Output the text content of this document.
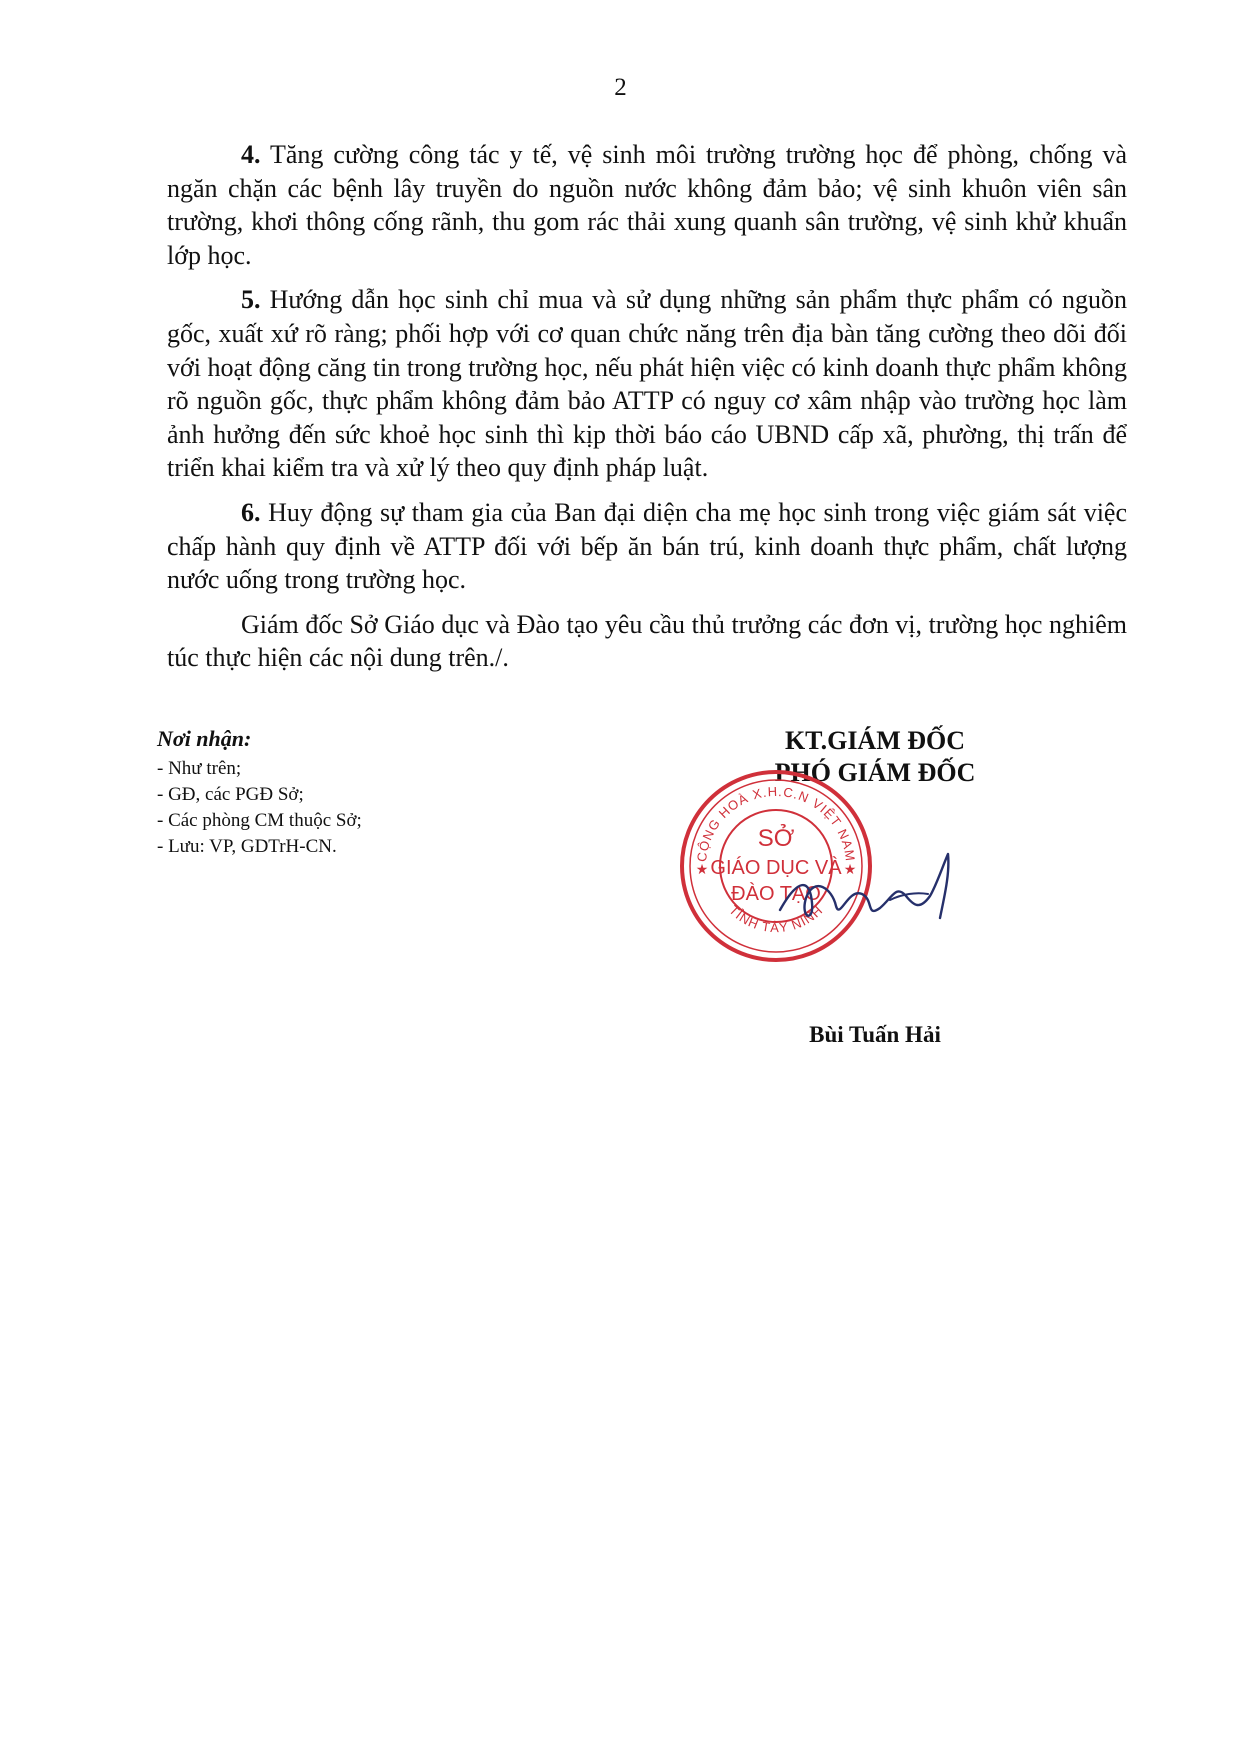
2

4. Tăng cường công tác y tế, vệ sinh môi trường trường học để phòng, chống và ngăn chặn các bệnh lây truyền do nguồn nước không đảm bảo; vệ sinh khuôn viên sân trường, khơi thông cống rãnh, thu gom rác thải xung quanh sân trường, vệ sinh khử khuẩn lớp học.

5. Hướng dẫn học sinh chỉ mua và sử dụng những sản phẩm thực phẩm có nguồn gốc, xuất xứ rõ ràng; phối hợp với cơ quan chức năng trên địa bàn tăng cường theo dõi đối với hoạt động căng tin trong trường học, nếu phát hiện việc có kinh doanh thực phẩm không rõ nguồn gốc, thực phẩm không đảm bảo ATTP có nguy cơ xâm nhập vào trường học làm ảnh hưởng đến sức khoẻ học sinh thì kịp thời báo cáo UBND cấp xã, phường, thị trấn để triển khai kiểm tra và xử lý theo quy định pháp luật.

6. Huy động sự tham gia của Ban đại diện cha mẹ học sinh trong việc giám sát việc chấp hành quy định về ATTP đối với bếp ăn bán trú, kinh doanh thực phẩm, chất lượng nước uống trong trường học.

Giám đốc Sở Giáo dục và Đào tạo yêu cầu thủ trưởng các đơn vị, trường học nghiêm túc thực hiện các nội dung trên./.

Nơi nhận:
- Như trên;
- GĐ, các PGĐ Sở;
- Các phòng CM thuộc Sở;
- Lưu: VP, GDTrH-CN.
KT.GIÁM ĐỐC
PHÓ GIÁM ĐỐC
CỘNG HOÀ X.H.C.N VIỆT NAM
TỈNH TÂY NINH
★	★
SỞ
GIÁO DỤC VÀ
ĐÀO TẠO
Bùi Tuấn Hải
